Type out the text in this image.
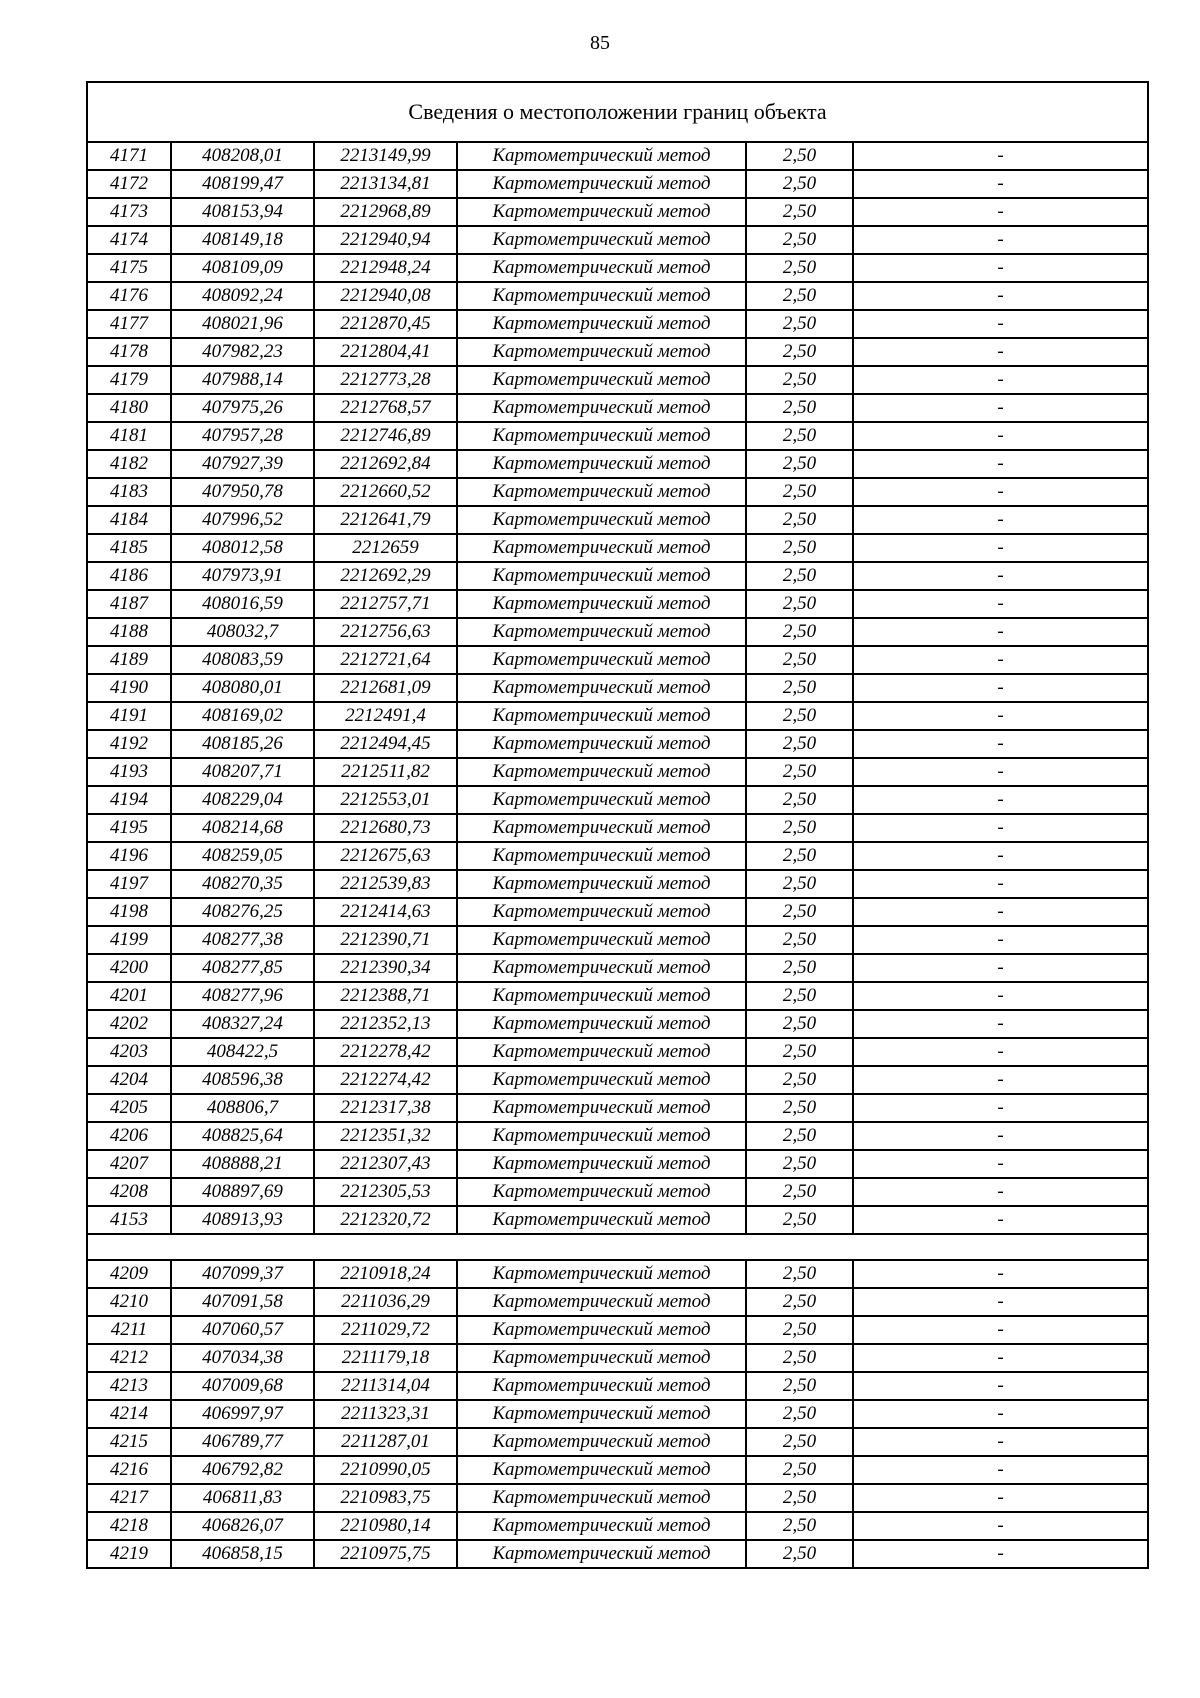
85
Сведения о местоположении границ объекта					
4171	408208,01	2213149,99	Картометрический метод	2,50	-
4172	408199,47	2213134,81	Картометрический метод	2,50	-
4173	408153,94	2212968,89	Картометрический метод	2,50	-
4174	408149,18	2212940,94	Картометрический метод	2,50	-
4175	408109,09	2212948,24	Картометрический метод	2,50	-
4176	408092,24	2212940,08	Картометрический метод	2,50	-
4177	408021,96	2212870,45	Картометрический метод	2,50	-
4178	407982,23	2212804,41	Картометрический метод	2,50	-
4179	407988,14	2212773,28	Картометрический метод	2,50	-
4180	407975,26	2212768,57	Картометрический метод	2,50	-
4181	407957,28	2212746,89	Картометрический метод	2,50	-
4182	407927,39	2212692,84	Картометрический метод	2,50	-
4183	407950,78	2212660,52	Картометрический метод	2,50	-
4184	407996,52	2212641,79	Картометрический метод	2,50	-
4185	408012,58	2212659	Картометрический метод	2,50	-
4186	407973,91	2212692,29	Картометрический метод	2,50	-
4187	408016,59	2212757,71	Картометрический метод	2,50	-
4188	408032,7	2212756,63	Картометрический метод	2,50	-
4189	408083,59	2212721,64	Картометрический метод	2,50	-
4190	408080,01	2212681,09	Картометрический метод	2,50	-
4191	408169,02	2212491,4	Картометрический метод	2,50	-
4192	408185,26	2212494,45	Картометрический метод	2,50	-
4193	408207,71	2212511,82	Картометрический метод	2,50	-
4194	408229,04	2212553,01	Картометрический метод	2,50	-
4195	408214,68	2212680,73	Картометрический метод	2,50	-
4196	408259,05	2212675,63	Картометрический метод	2,50	-
4197	408270,35	2212539,83	Картометрический метод	2,50	-
4198	408276,25	2212414,63	Картометрический метод	2,50	-
4199	408277,38	2212390,71	Картометрический метод	2,50	-
4200	408277,85	2212390,34	Картометрический метод	2,50	-
4201	408277,96	2212388,71	Картометрический метод	2,50	-
4202	408327,24	2212352,13	Картометрический метод	2,50	-
4203	408422,5	2212278,42	Картометрический метод	2,50	-
4204	408596,38	2212274,42	Картометрический метод	2,50	-
4205	408806,7	2212317,38	Картометрический метод	2,50	-
4206	408825,64	2212351,32	Картометрический метод	2,50	-
4207	408888,21	2212307,43	Картометрический метод	2,50	-
4208	408897,69	2212305,53	Картометрический метод	2,50	-
4153	408913,93	2212320,72	Картометрический метод	2,50	-

4209	407099,37	2210918,24	Картометрический метод	2,50	-
4210	407091,58	2211036,29	Картометрический метод	2,50	-
4211	407060,57	2211029,72	Картометрический метод	2,50	-
4212	407034,38	2211179,18	Картометрический метод	2,50	-
4213	407009,68	2211314,04	Картометрический метод	2,50	-
4214	406997,97	2211323,31	Картометрический метод	2,50	-
4215	406789,77	2211287,01	Картометрический метод	2,50	-
4216	406792,82	2210990,05	Картометрический метод	2,50	-
4217	406811,83	2210983,75	Картометрический метод	2,50	-
4218	406826,07	2210980,14	Картометрический метод	2,50	-
4219	406858,15	2210975,75	Картометрический метод	2,50	-
